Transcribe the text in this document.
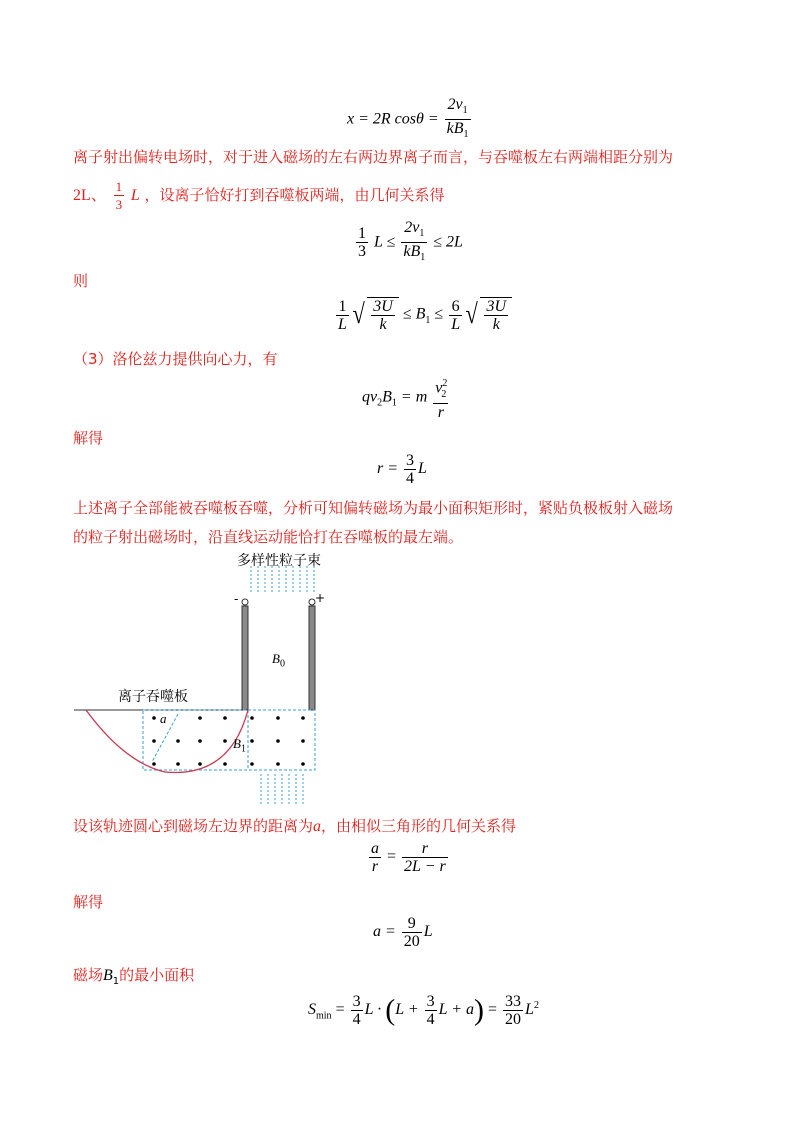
x = 2R $\cos\theta = \frac{2v_1}{kB_1}$
离子射出偏转电场时，对于进入磁场的左右两边界离子而言，与吞噬板左右两端相距分别为
2L、 $\frac{1}{3}$ L ，设离子恰好打到吞噬板两端，由几何关系得
$\frac{1}{3}$ $L \le \frac{2v_1}{kB_1} \le 2L$
则
$\frac{1}{L}$ √ $\frac{3U}{k} \le B_1 \le \frac{6}{L}$ √ $\frac{3U}{k}$
（3）洛伦兹力提供向心力，有
$qv_2B_1 = m \frac{v^2_2}{r}$
解得
$r = \frac{3}{4}$ L
上述离子全部能被吞噬板吞噬，分析可知偏转磁场为最小面积矩形时，紧贴负极板射入磁场
的粒子射出磁场时，沿直线运动能恰打在吞噬板的最左端。
多样性粒子束
-	+
$B_0$
离子吞噬板
a
$B_1$
设该轨迹圆心到磁场左边界的距离为a，由相似三角形的几何关系得
$\frac{a}{r} = \frac{r}{2L - r}$
解得
$a = \frac{9}{20}$ L
磁场$B_1$的最小面积
$S_{min} = \frac{3}{4}$ $L \cdot (L + \frac{3}{4}$ $L + a) = \frac{33}{20} L^2$
